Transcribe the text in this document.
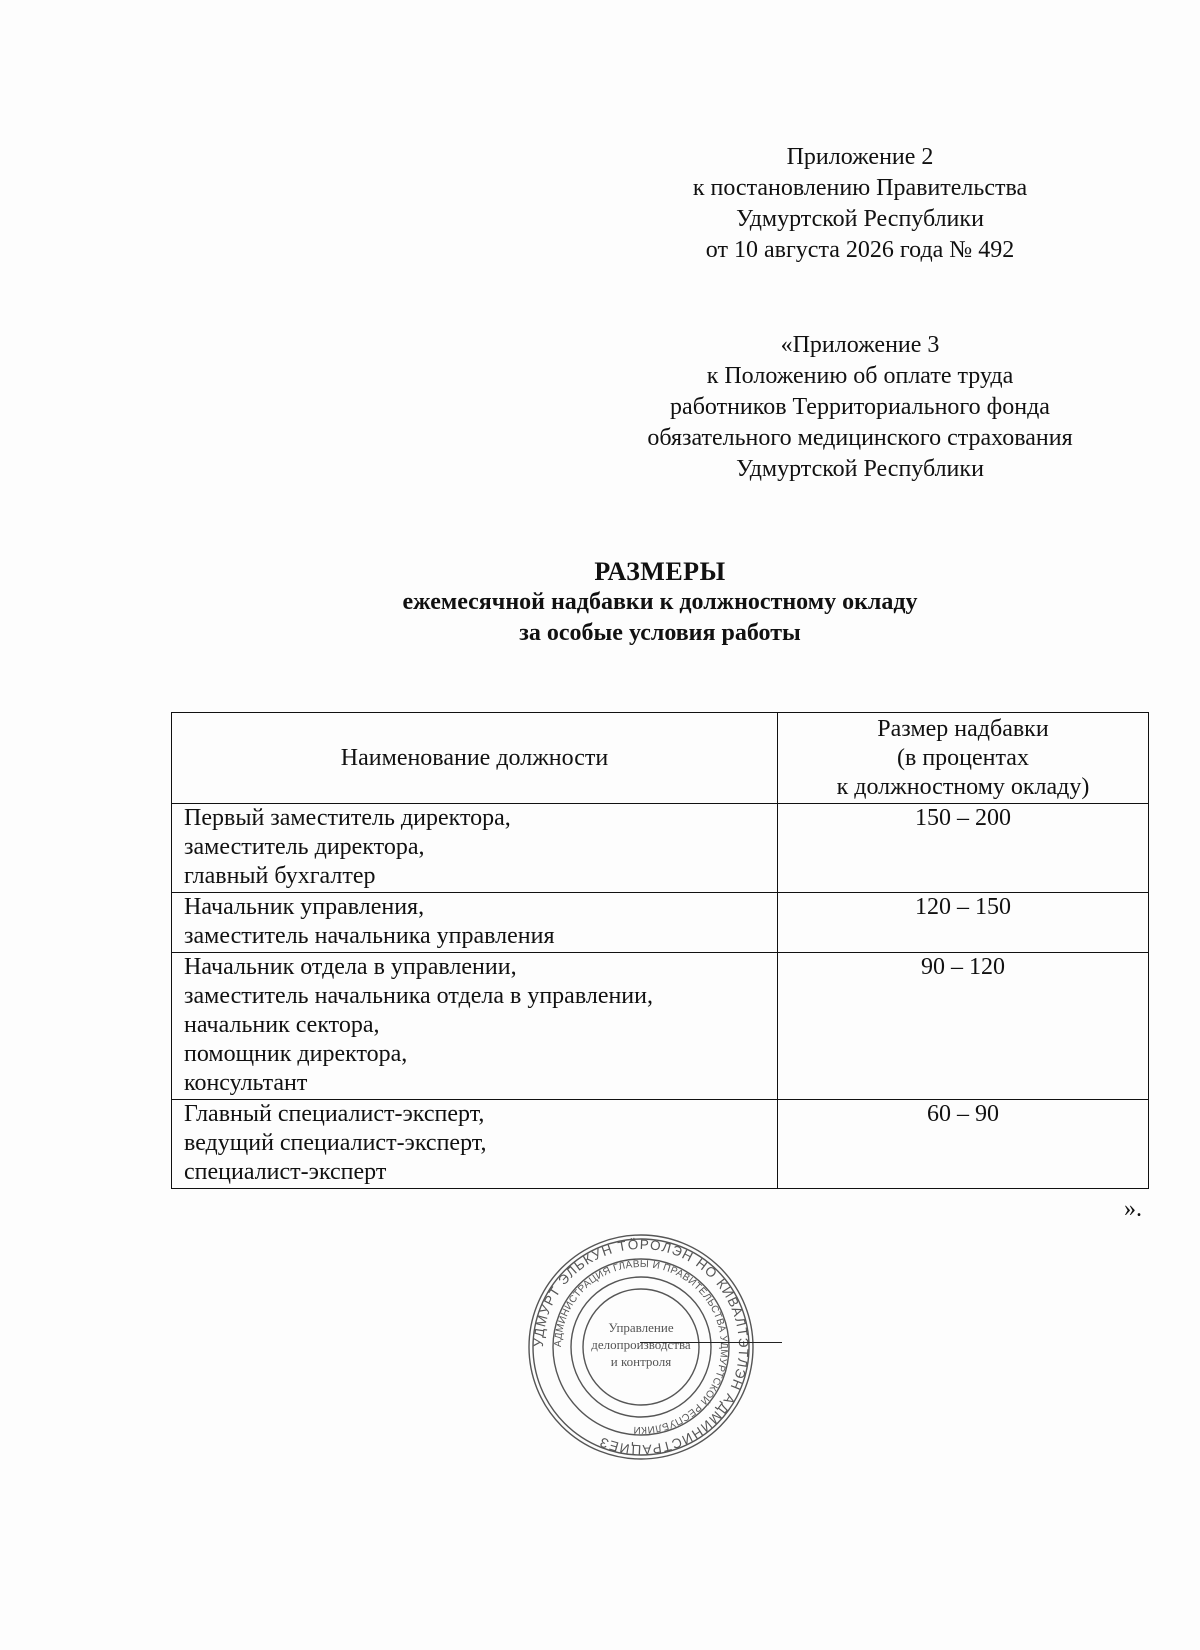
Приложение 2
к постановлению Правительства
Удмуртской Республики
от 10 августа 2026 года № 492
«Приложение 3
к Положению об оплате труда
работников Территориального фонда
обязательного медицинского страхования
Удмуртской Республики
РАЗМЕРЫ
ежемесячной надбавки к должностному окладу
за особые условия работы
Наименование должности	Размер надбавки
(в процентах
к должностному окладу)

Первый заместитель директора,
заместитель директора,
главный бухгалтер	150 – 200

Начальник управления,
заместитель начальника управления	120 – 150

Начальник отдела в управлении,
заместитель начальника отдела в управлении,
начальник сектора,
помощник директора,
консультант	90 – 120

Главный специалист-эксперт,
ведущий специалист-эксперт,
специалист-эксперт	60 – 90
».
УДМУРТ ЭЛЬКУН ТÖРОЛЭН НО КИВАЛТЭТЛЭН АДМИНИСТРАЦИЕЗ
АДМИНИСТРАЦИЯ ГЛАВЫ И ПРАВИТЕЛЬСТВА УДМУРТСКОЙ РЕСПУБЛИКИ
Управление
делопроизводства
и контроля
